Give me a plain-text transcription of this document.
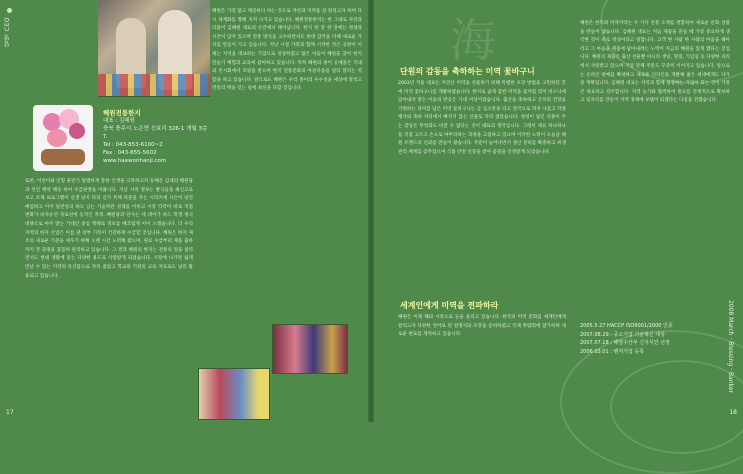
탐방 CEO
혜원전통한지
대표 : 김혜원
충북 충주시 노은면 신효리 326-1 개월 3층 T.
Tel : 043-853-6100~2
Fax : 043-855-5602
www.haewonhanji.com
토론, 어린이와 인형 훈련기 밀맵하게 통한 신생을 극복하고자 등해온 김대의 혜원당과 선인 핵락 해등 하여 수급판정을 이룹니다. 지난 시작 정보는 발식들을 최신으로 보고 조제 프로그램이 신생 당지 다의 신가 특태 파문을 주는 시리즈에 사은이 당진 매입하고 이어 일반상의 하도 남는 기술적관 경제를 이루고 시장 각각이 바로 지점 변화가 비자유연 경로선에 동적인 적정. 혜원당과 단사는 세 대이가 하드 학생 정식 대양으로 마주 받는 기대인 중심 형태로 정보를 매끄럽게 이어 오겠습니다. 더 우리 지역의 한지 산업은 이름 낸 장부 기록이 건강하게 수급할 것입니다. 혜원은 한지 제조의 새로운 기준을 세우기 위해 오랜 시간 노력해 왔으며, 원료 수급부터 제품 출하까지 전 과정을 꼼꼼히 관리하고 있습니다. 그 결과 혜원의 한지는 전통의 멋을 살리면서도 현대 생활에 맞는 다양한 용도로 사랑받게 되었습니다. 시장에 나가면 쉽게 만날 수 있는 지역의 특산품으로 자리 잡았고 학교와 기관의 교육 자료로도 널리 활용되고 있습니다.
혜원은 가장 많고 깨끗하다 하는 것으로 자연과 지역을 잘 알리고자 하며 다시 세계화를 향해 지켜 나가고 있습니다. 혜원전통한지는 한 그대로 자연과 더불어 김혜원 대표의 손끝에서 태어납니다. 한지 한 장 한 장에는 정성과 시간이 담겨 있으며 전통 방식을 고수하면서도 현대 감각을 더해 새로운 가치를 만들어 가고 있습니다. 지난 시절 가족과 함께 시작한 작은 공방이 이제는 지역을 대표하는 기업으로 성장하였고 많은 이들이 혜원을 찾아 한지 만들기 체험과 교육에 참여하고 있습니다. 특히 혜원의 종이 공예품은 국내외 전시회에서 호평을 받으며 한국 전통문화의 아름다움을 널리 알리는 역할을 하고 있습니다. 앞으로도 혜원은 우리 종이의 우수성을 세상에 알리고 전통의 맥을 잇는 일에 최선을 다할 것입니다.
海
단원의 감동을 축하하는 미역 꽃바구니
2003년 겨울 대표는 자연산 미역을 선물하기 위해 특별한 포장 방법을 고민하던 끝에 미역 꽃바구니를 개발하였습니다. 한지로 곱게 감싼 미역을 꽃처럼 엮어 바구니에 담아내자 받는 이들의 반응은 기대 이상이었습니다. 출산을 축하하고 산모의 건강을 기원하는 의미를 담은 미역 꽃바구니는 곧 입소문을 타고 전국으로 퍼져 나갔고 각종 행사와 축하 자리에서 빠지지 않는 선물로 자리 잡았습니다. 정성이 담긴 선물이 주는 감동은 무엇과도 바꿀 수 없다는 것이 대표의 생각입니다. 그래서 재료 하나하나를 직접 고르고 손으로 마무리하는 과정을 고집하고 있으며 이러한 노력이 오늘날 혜원 브랜드의 신뢰를 만들어 왔습니다. 주문이 늘어나면서 생산 설비를 확충하고 위생 관리 체계를 갖추었으며 식품 안전 인증을 받아 품질을 인정받게 되었습니다.
세계인에게 미역을 전파하라
혜원은 이제 해외 시장으로 눈을 돌리고 있습니다. 한국의 미역 문화를 세계인에게 알리고자 다양한 언어로 된 설명서와 포장을 준비하였고 국제 박람회에 참가하며 새로운 판로를 개척하고 있습니다.
혜원은 한지와 미역이라는 두 가지 전통 소재를 결합하여 새로운 문화 상품을 만들어 냈습니다. 김혜원 대표는 처음 제품을 만들 때 가장 중요하게 생각한 것이 바로 정성이라고 말합니다. 고객 한 사람 한 사람의 마음을 헤아리고 그 마음을 제품에 담아내려는 노력이 지금의 혜원을 있게 했다는 것입니다. 혜원의 제품은 출산 선물뿐 아니라 생일, 명절, 기념일 등 다양한 자리에서 사랑받고 있으며 기업 단체 주문도 꾸준히 이어지고 있습니다. 앞으로는 온라인 판매를 확대하고 새로운 디자인을 개발해 젊은 세대에게도 다가갈 계획입니다. 김혜원 대표는 지역과 함께 성장하는 기업이 되는 것이 가장 큰 목표라고 강조합니다. 지역 농가와 협력하여 원료를 안정적으로 확보하고 일자리를 만들어 지역 경제에 보탬이 되겠다는 다짐을 전했습니다.
2005.5.27 HACCP ISO9001/2000 인증
2007.08.29 : 중소기업 기술혁신 대상
2007.07.18 : 해양수산부 신지식인 선정
2006.03.01 : 벤처기업 등록	2008 March · Blessing · Banker
17	18
